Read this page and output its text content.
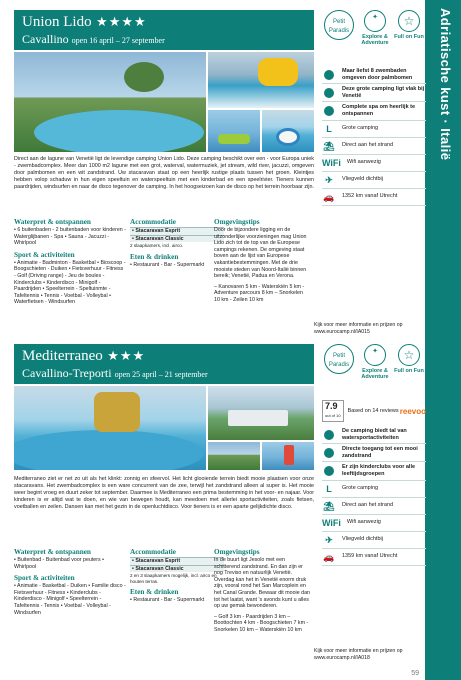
Adriatische kust · Italië
Union Lido ★★★★
Cavallino open 16 april – 27 september
Petit Paradis
✦
Explore & Adventure
☆
Full on Fun
Maar liefst 8 zwembaden omgeven door palmbomen
Deze grote camping ligt vlak bij Venetië
Complete spa om heerlijk te ontspannen
L	Grote camping
⛱ Direct aan het strand
WiFi Wifi aanwezig
✈	Vliegveld dichtbij
🚗 1352 km vanaf Utrecht
Direct aan de lagune van Venetië ligt de levendige camping Union Lido. Deze camping beschikt over een - voor Europa uniek - zwembadcomplex. Meer dan 1000 m2 lagune met een grot, waterval, watermuziek, jet stream, wild river, jacuzzi, omgeven door palmbomen en een wit zandstrand. Uw stacaravan staat op een heerlijk rustige plaats tussen het groen. Kleintjes hebben volop schaduw in hun eigen speeltuin en waterspeeltuin met een kinderbad en een speelrivier. Tieners kunnen paardrijden, windsurfen en naar de disco tegenover de camping. In het hoogseizoen kan de disco op het terrein hoorbaar zijn.
Waterpret & ontspannen

• 6 buitenbaden - 2 buitenbaden voor kinderen - Waterglijbanen - Spa • Sauna - Jacuzzi - Whirlpool

Sport & activiteiten

• Animatie - Badminton - Basketbal • Bioscoop - Boogschieten - Duiken • Fietsverhuur - Fitness - Golf (Driving range) - Jeu de boules - Kinderclubs • Kinderdisco - Minigolf - Paardrijden • Speelterrein - Speltuinmte - Tafeltennis • Tennis - Voetbal - Volleybal • Waterfietsen - Windsurfen

Accommodatie
• Stacaravan Esprit
• Stacaravan Classic
2 slaapkamers, incl. airco.
Eten & drinken

• Restaurant - Bar - Supermarkt

Omgevingstips

Door de bijzondere ligging en de uitzonderlijke voorzieningen mag Union Lido zich tot de top van de Europese campings rekenen. De omgeving staat boven aan de lijst van Europese vakantiebestemmingen. Met de drie mooiste steden van Noord-Italië binnen bereik; Venetië, Padua en Verona.

– Kanovaren 5 km - Waterskiën 5 km - Adventure parcours 8 km – Snorkelen 10 km - Zeilen 10 km

Kijk voor meer informatie en prijzen op www.eurocamp.nl/IA015
Mediterraneo ★★★
Cavallino-Treporti open 25 april – 21 september
Petit Paradis
✦
Explore & Adventure
☆
Full on Fun
7.9
out of 10
Based on 14 reviews reevoo
De camping biedt tal van watersportactiviteiten
Directe toegang tot een mooi zandstrand
Er zijn kinderclubs voor alle leeftijdsgroepen
L	Grote camping
⛱ Direct aan het strand
WiFi Wifi aanwezig
✈	Vliegveld dichtbij
🚗 1359 km vanaf Utrecht
Mediterraneo ziet er net zo uit als het klinkt: zonnig en sfeervol. Het licht glooiende terrein biedt mooie plaatsen voor onze stacaravans. Het zwembadcomplex is een ware concurrent van de zee, terwijl het zandstrand alleen al super is. Het mooie weer begint vroeg en duurt zeker tot september. Daarmee is Mediterraneo een prima bestemming in het voor- en najaar. Voor kinderen is er altijd wat te doen, en wie van bewegen houdt, kan meedoen met allerlei sportactiviteiten, zoals fietsen, voetballen en zeilen. Dansen kan met het gezin in de openluchtdisco. Voor tieners is er een aparte gelijkdichte disco.
Waterpret & ontspannen

• Buitenbad - Buitenbad voor peuters • Whirlpool

Sport & activiteiten

• Animatie - Basketbal - Duiken • Familie disco - Fietsverhuur - Fitness • Kinderclubs - Kinderdisco - Minigolf • Speelterrein - Tafeltennis - Tennis • Voetbal - Volleybal - Windsurfen

Accommodatie
• Stacaravan Esprit
• Stacaravan Classic
2 en 3 slaapkamers mogelijk, incl. airco en houten terras.
Eten & drinken

• Restaurant - Bar - Supermarkt

Omgevingstips

In de buurt ligt Jesolo met een schitterend zandstrand. En dan zijn er nog Treviso en natuurlijk Venetië. Overdag kan het in Venetië enorm druk zijn, vooral rond het San Marcoplein en het Canal Grande. Bewaar dit mooie dan tot het laatst, want 's avonds kunt u alles op uw gemak bewonderen.

– Golf 3 km - Paardrijden 3 km – Boottochten 4 km - Boogschieten 7 km - Snorkelen 10 km – Waterskiën 10 km

Kijk voor meer informatie en prijzen op www.eurocamp.nl/IA018
59
